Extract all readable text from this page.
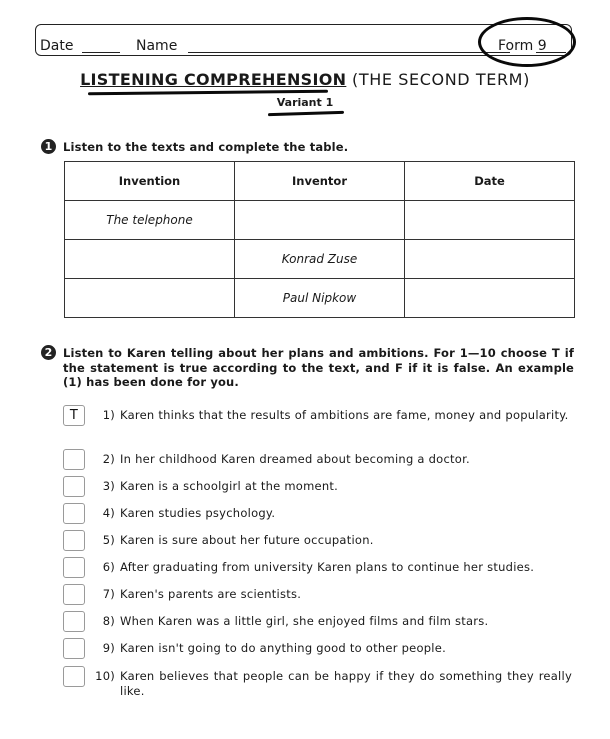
Date	Name	Form 9
LISTENING COMPREHENSION (THE SECOND TERM)
Variant 1
1 Listen to the texts and complete the table.
Invention	Inventor	Date
The telephone		
	Konrad Zuse	
	Paul Nipkow	
2 Listen to Karen telling about her plans and ambitions. For 1—10 choose T if the statement is true according to the text, and F if it is false. An example (1) has been done for you.
T	1) Karen thinks that the results of ambitions are fame, money and popularity.
2) In her childhood Karen dreamed about becoming a doctor.
3) Karen is a schoolgirl at the moment.
4) Karen studies psychology.
5) Karen is sure about her future occupation.
6) After graduating from university Karen plans to continue her studies.
7) Karen's parents are scientists.
8) When Karen was a little girl, she enjoyed films and film stars.
9) Karen isn't going to do anything good to other people.
10) Karen believes that people can be happy if they do something they really like.
